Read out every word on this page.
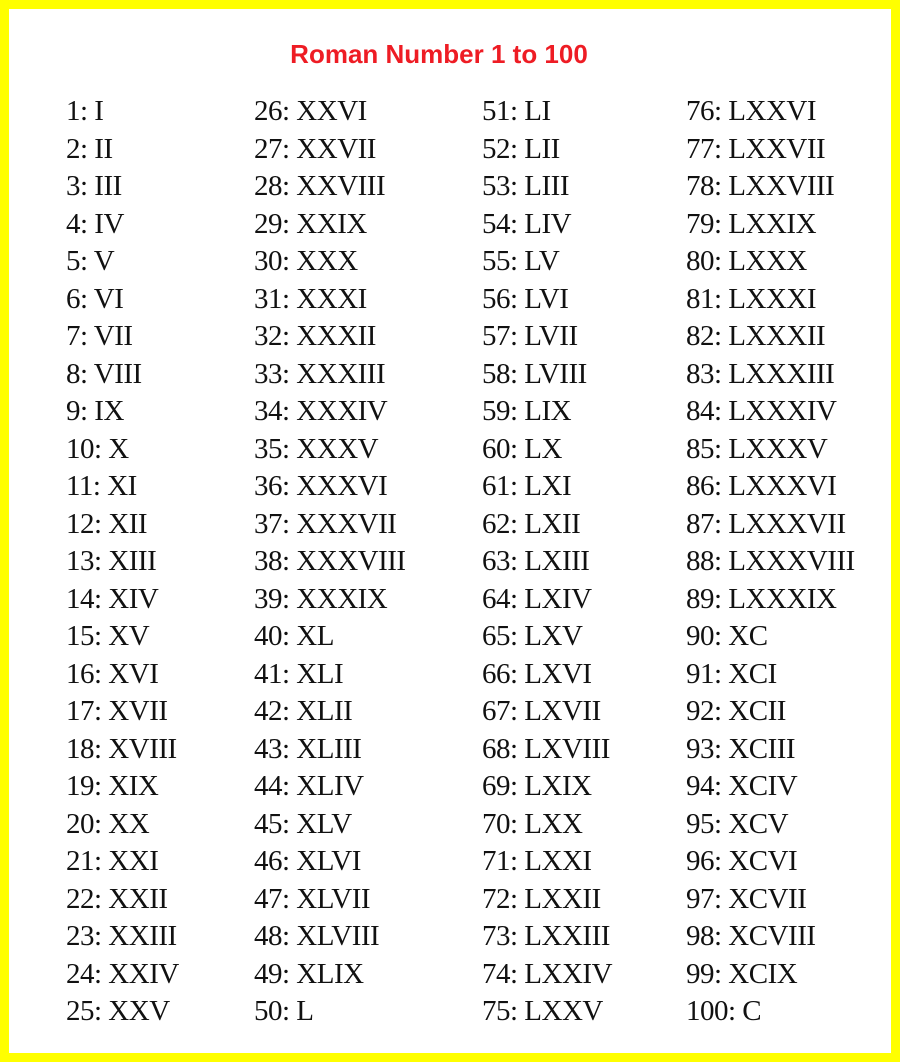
Roman Number 1 to 100
1: I
2: II
3: III
4: IV
5: V
6: VI
7: VII
8: VIII
9: IX
10: X
11: XI
12: XII
13: XIII
14: XIV
15: XV
16: XVI
17: XVII
18: XVIII
19: XIX
20: XX
21: XXI
22: XXII
23: XXIII
24: XXIV
25: XXV
26: XXVI
27: XXVII
28: XXVIII
29: XXIX
30: XXX
31: XXXI
32: XXXII
33: XXXIII
34: XXXIV
35: XXXV
36: XXXVI
37: XXXVII
38: XXXVIII
39: XXXIX
40: XL
41: XLI
42: XLII
43: XLIII
44: XLIV
45: XLV
46: XLVI
47: XLVII
48: XLVIII
49: XLIX
50: L
51: LI
52: LII
53: LIII
54: LIV
55: LV
56: LVI
57: LVII
58: LVIII
59: LIX
60: LX
61: LXI
62: LXII
63: LXIII
64: LXIV
65: LXV
66: LXVI
67: LXVII
68: LXVIII
69: LXIX
70: LXX
71: LXXI
72: LXXII
73: LXXIII
74: LXXIV
75: LXXV
76: LXXVI
77: LXXVII
78: LXXVIII
79: LXXIX
80: LXXX
81: LXXXI
82: LXXXII
83: LXXXIII
84: LXXXIV
85: LXXXV
86: LXXXVI
87: LXXXVII
88: LXXXVIII
89: LXXXIX
90: XC
91: XCI
92: XCII
93: XCIII
94: XCIV
95: XCV
96: XCVI
97: XCVII
98: XCVIII
99: XCIX
100: C
